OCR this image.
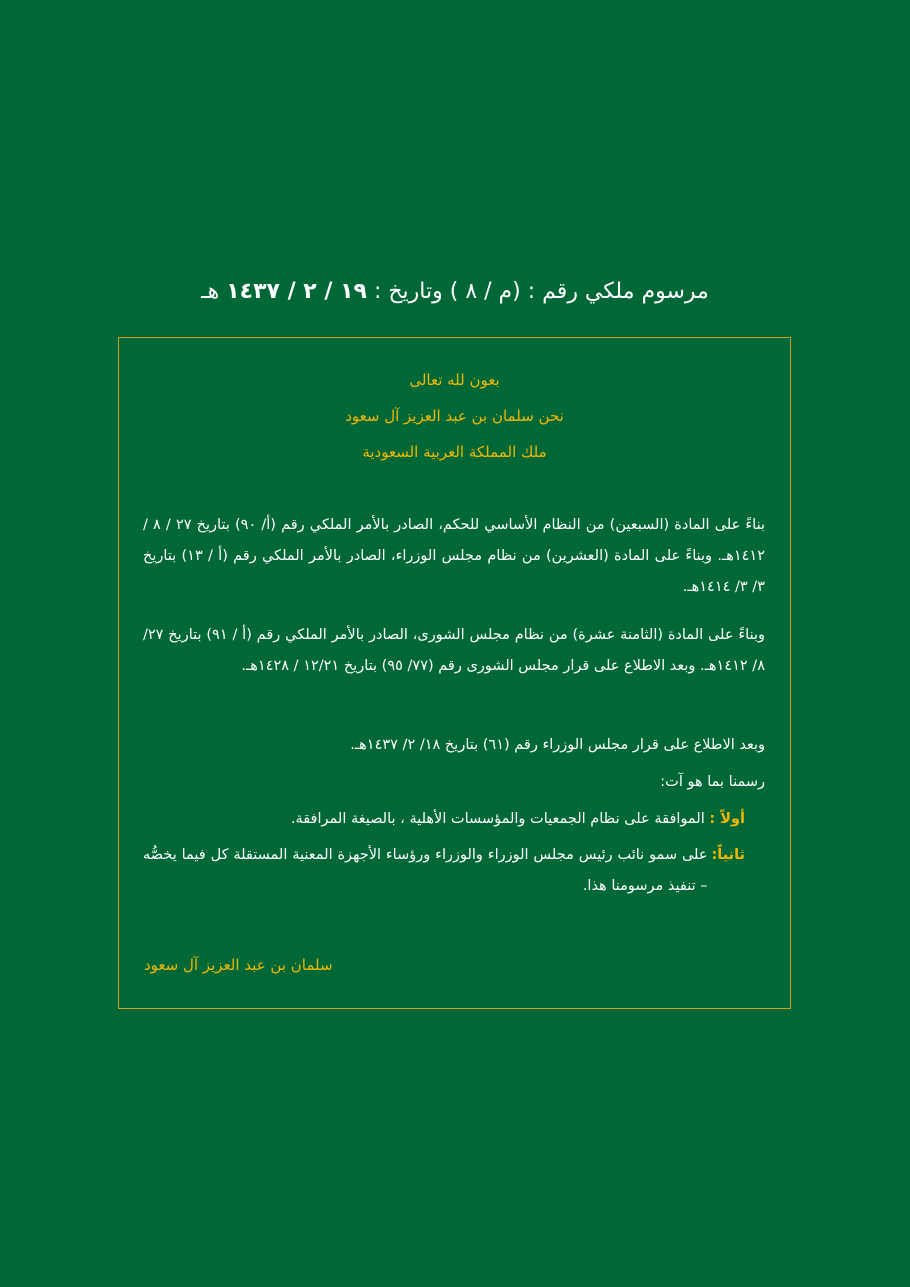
مرسوم ملكي رقم : (م / ٨ ) وتاريخ : ١٩ / ٢ / ١٤٣٧ هـ
بعون لله تعالى
نحن سلمان بن عبد العزيز آل سعود
ملك المملكة العربية السعودية
بناءً على المادة (السبعين) من النظام الأساسي للحكم، الصادر بالأمر الملكي رقم (أ/ ٩٠) بتاريخ ٢٧ / ٨ / ١٤١٢هـ. وبناءً على المادة (العشرين) من نظام مجلس الوزراء، الصادر بالأمر الملكي رقم (أ / ١٣) بتاريخ ٣/ ٣/ ١٤١٤هـ.
وبناءً على المادة (الثامنة عشرة) من نظام مجلس الشورى، الصادر بالأمر الملكي رقم (أ / ٩١) بتاريخ ٢٧/ ٨/ ١٤١٢هـ. وبعد الاطلاع على قرار مجلس الشورى رقم (٧٧/ ٩٥) بتاريخ ١٢/٢١ / ١٤٢٨هـ.
وبعد الاطلاع على قرار مجلس الوزراء رقم (٦١) بتاريخ ١٨/ ٢/ ١٤٣٧هـ.
رسمنا بما هو آت:
أولاً : الموافقة على نظام الجمعيات والمؤسسات الأهلية ، بالصيغة المرافقة.
ثانياً:
على سمو نائب رئيس مجلس الوزراء والوزراء ورؤساء الأجهزة المعنية المستقلة كل فيما يخصُّه – تنفيذ مرسومنا هذا.
سلمان بن عبد العزيز آل سعود
